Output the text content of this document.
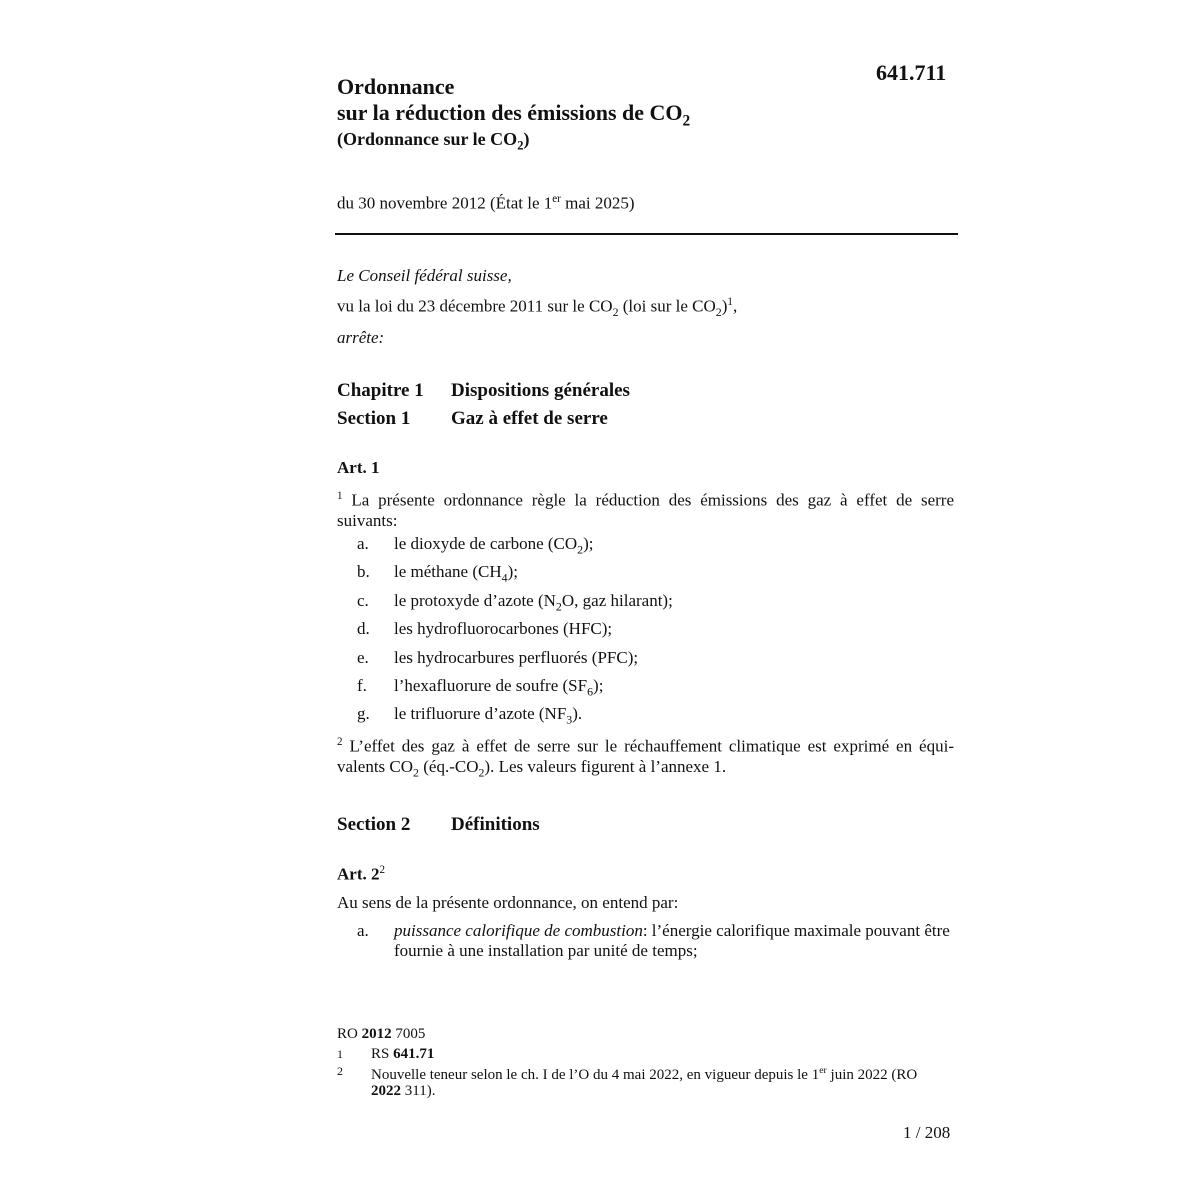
641.711
Ordonnance
sur la réduction des émissions de $CO_2$
(Ordonnance sur le $CO_2$)
du 30 novembre 2012 (État le 1er mai 2025)
Le Conseil fédéral suisse,
vu la loi du 23 décembre 2011 sur le $CO_2$ (loi sur le $CO_2)^1$,
arrête:
Chapitre 1 Dispositions générales
Section 1 Gaz à effet de serre
Art. 1
$^1$ La présente ordonnance règle la réduction des émissions des gaz à effet de serre suivants:
a. le dioxyde de carbone $(CO_2)$;
b. le méthane $(CH_4)$;
c. le protoxyde d’azote ($N_2O$, gaz hilarant);
d. les hydrofluorocarbones (HFC);
e. les hydrocarbures perfluorés (PFC);
f. l’hexafluorure de soufre $(SF_6)$;
g. le trifluorure d’azote $(NF_3)$.
$^2$ L’effet des gaz à effet de serre sur le réchauffement climatique est exprimé en équi-valents $CO_2$ $(éq.-CO_2)$. Les valeurs figurent à l’annexe 1.
Section 2 Définitions
Art. $2^2$
Au sens de la présente ordonnance, on entend par:
a.	puissance calorifique de combustion: l’énergie calorifique maximale pouvant être fournie à une installation par unité de temps;
RO 2012 7005
1	RS 641.71
2	Nouvelle teneur selon le ch. I de l’O du 4 mai 2022, en vigueur depuis le 1er juin 2022 (RO 2022 311).
1 / 208
